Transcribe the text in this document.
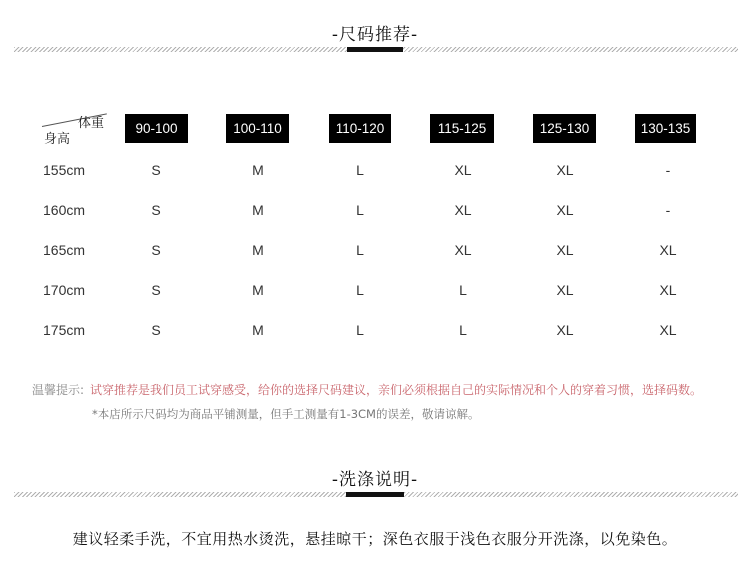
-尺码推荐-
体重
身高
90-100	100-110	110-120	115-125	125-130	130-135
155cm	S	M	L	XL	XL	-
160cm	S	M	L	XL	XL	-
165cm	S	M	L	XL	XL	XL
170cm	S	M	L	L	XL	XL
175cm	S	M	L	L	XL	XL
温馨提示: 试穿推荐是我们员工试穿感受，给你的选择尺码建议，亲们必须根据自己的实际情况和个人的穿着习惯，选择码数。
*本店所示尺码均为商品平铺测量，但手工测量有1-3CM的误差，敬请谅解。
-洗涤说明-
建议轻柔手洗，不宜用热水烫洗，悬挂晾干；深色衣服于浅色衣服分开洗涤，以免染色。
